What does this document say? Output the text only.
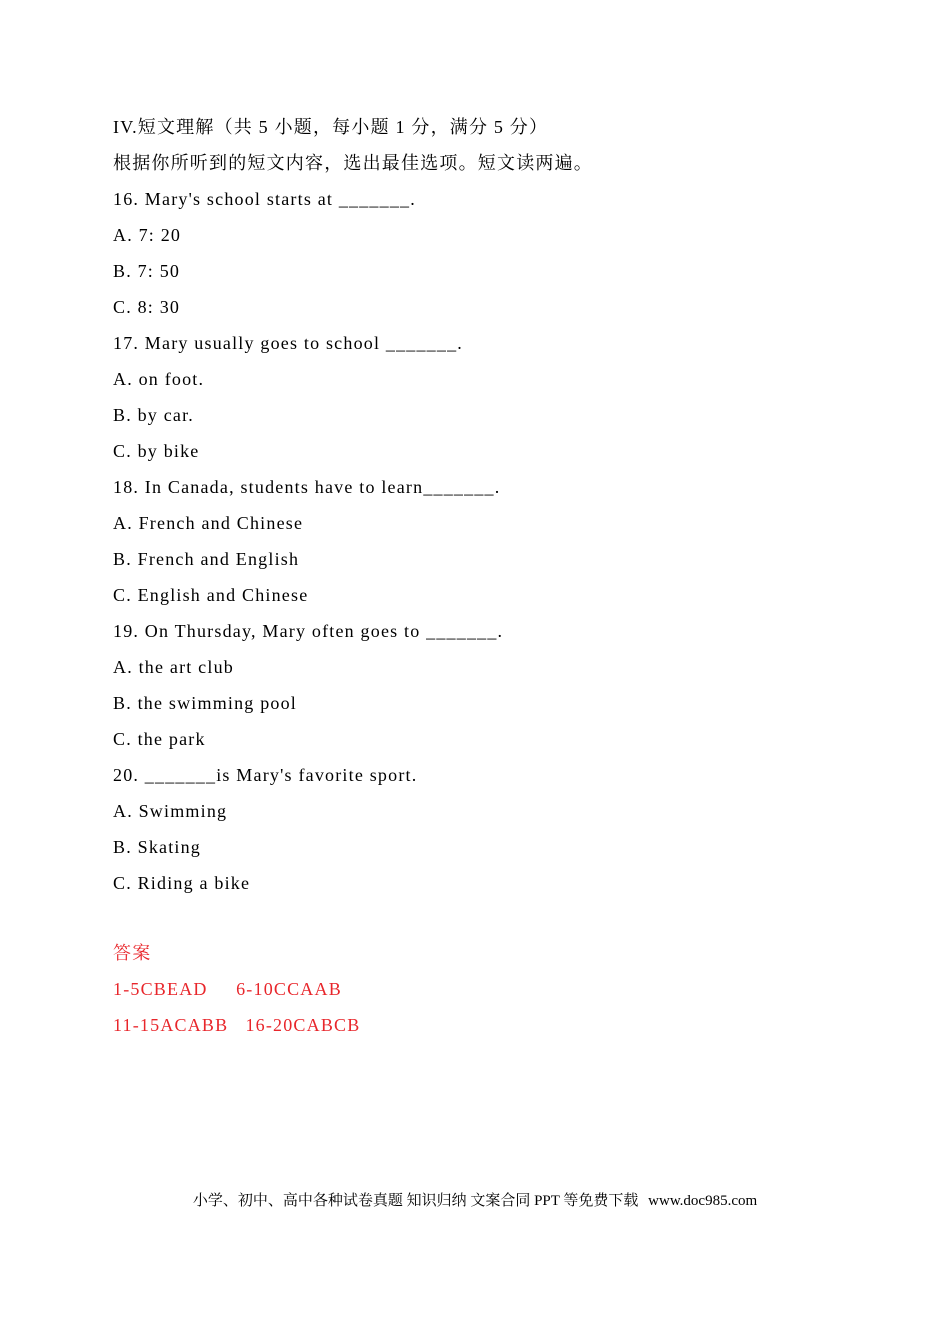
IV.短文理解（共 5 小题，每小题 1 分，满分 5 分）
根据你所听到的短文内容，选出最佳选项。短文读两遍。
16. Mary's school starts at _______.
A. 7: 20
B. 7: 50
C. 8: 30
17. Mary usually goes to school _______.
A. on foot.
B. by car.
C. by bike
18. In Canada, students have to learn_______.
A. French and Chinese
B. French and English
C. English and Chinese
19. On Thursday, Mary often goes to _______.
A. the art club
B. the swimming pool
C. the park
20. _______is Mary's favorite sport.
A. Swimming
B. Skating
C. Riding a bike
答案
1-5CBEAD     6-10CCAAB
11-15ACABB   16-20CABCB
小学、初中、高中各种试卷真题 知识归纳 文案合同 PPT 等免费下载 www.doc985.com
